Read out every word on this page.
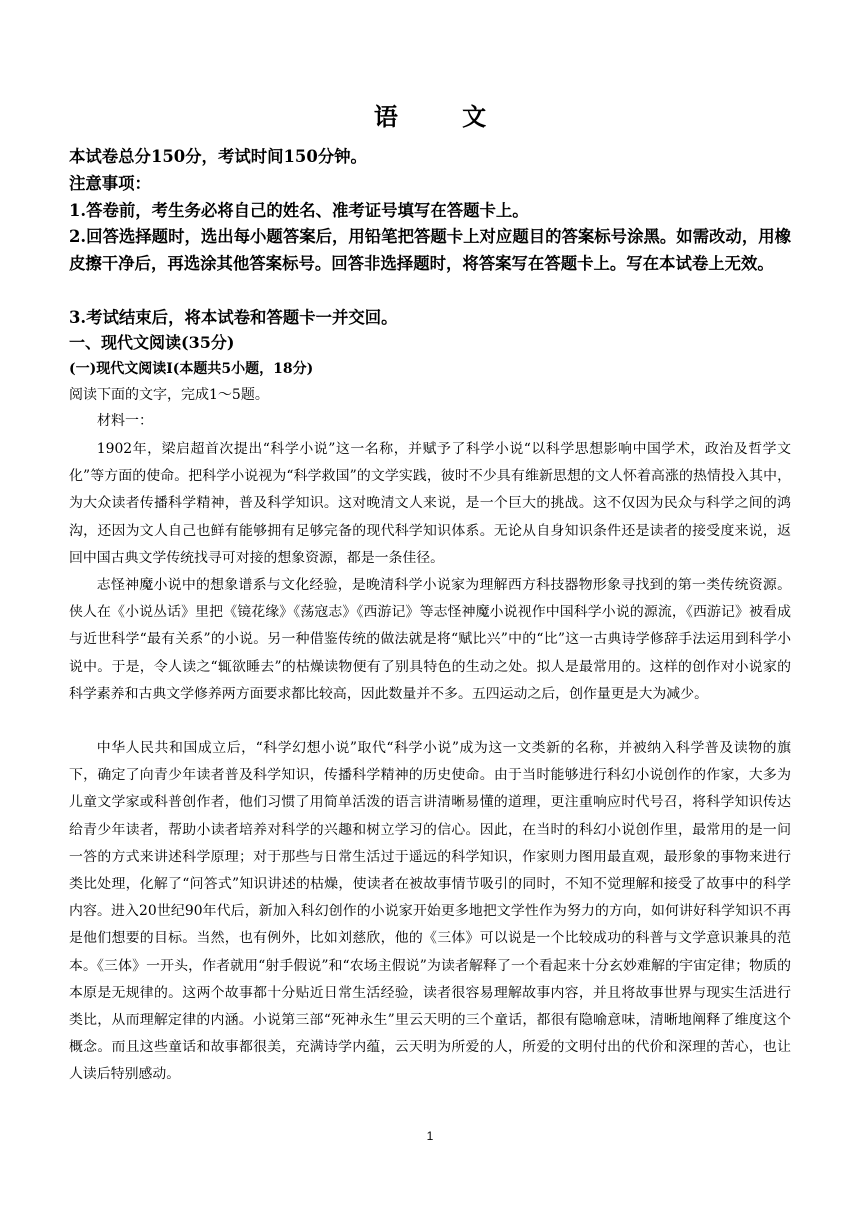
语 文

本试卷总分150分，考试时间150分钟。

注意事项：

1.答卷前，考生务必将自己的姓名、准考证号填写在答题卡上。

2.回答选择题时，选出每小题答案后，用铅笔把答题卡上对应题目的答案标号涂黑。如需改动，用橡皮擦干净后，再选涂其他答案标号。回答非选择题时，将答案写在答题卡上。写在本试卷上无效。

3.考试结束后，将本试卷和答题卡一并交回。

一、现代文阅读(35分)

(一)现代文阅读Ⅰ(本题共5小题，18分)

阅读下面的文字，完成1～5题。

材料一：

1902年，梁启超首次提出“科学小说”这一名称，并赋予了科学小说“以科学思想影响中国学术，政治及哲学文化”等方面的使命。把科学小说视为“科学救国”的文学实践，彼时不少具有维新思想的文人怀着高涨的热情投入其中，为大众读者传播科学精神，普及科学知识。这对晚清文人来说，是一个巨大的挑战。这不仅因为民众与科学之间的鸿沟，还因为文人自己也鲜有能够拥有足够完备的现代科学知识体系。无论从自身知识条件还是读者的接受度来说，返回中国古典文学传统找寻可对接的想象资源，都是一条佳径。

志怪神魔小说中的想象谱系与文化经验，是晚清科学小说家为理解西方科技器物形象寻找到的第一类传统资源。侠人在《小说丛话》里把《镜花缘》《荡寇志》《西游记》等志怪神魔小说视作中国科学小说的源流，《西游记》被看成与近世科学“最有关系”的小说。另一种借鉴传统的做法就是将“赋比兴”中的“比”这一古典诗学修辞手法运用到科学小说中。于是，令人读之“辄欲睡去”的枯燥读物便有了别具特色的生动之处。拟人是最常用的。这样的创作对小说家的科学素养和古典文学修养两方面要求都比较高，因此数量并不多。五四运动之后，创作量更是大为减少。

中华人民共和国成立后，“科学幻想小说”取代“科学小说”成为这一文类新的名称，并被纳入科学普及读物的旗下，确定了向青少年读者普及科学知识，传播科学精神的历史使命。由于当时能够进行科幻小说创作的作家，大多为儿童文学家或科普创作者，他们习惯了用简单活泼的语言讲清晰易懂的道理，更注重响应时代号召，将科学知识传达给青少年读者，帮助小读者培养对科学的兴趣和树立学习的信心。因此，在当时的科幻小说创作里，最常用的是一问一答的方式来讲述科学原理；对于那些与日常生活过于遥远的科学知识，作家则力图用最直观，最形象的事物来进行类比处理，化解了“问答式”知识讲述的枯燥，使读者在被故事情节吸引的同时，不知不觉理解和接受了故事中的科学内容。进入20世纪90年代后，新加入科幻创作的小说家开始更多地把文学性作为努力的方向，如何讲好科学知识不再是他们想要的目标。当然，也有例外，比如刘慈欣，他的《三体》可以说是一个比较成功的科普与文学意识兼具的范本。《三体》一开头，作者就用“射手假说”和“农场主假说”为读者解释了一个看起来十分玄妙难解的宇宙定律；物质的本原是无规律的。这两个故事都十分贴近日常生活经验，读者很容易理解故事内容，并且将故事世界与现实生活进行类比，从而理解定律的内涵。小说第三部“死神永生”里云天明的三个童话，都很有隐喻意味，清晰地阐释了维度这个概念。而且这些童话和故事都很美，充满诗学内蕴，云天明为所爱的人，所爱的文明付出的代价和深理的苦心，也让人读后特别感动。

1
